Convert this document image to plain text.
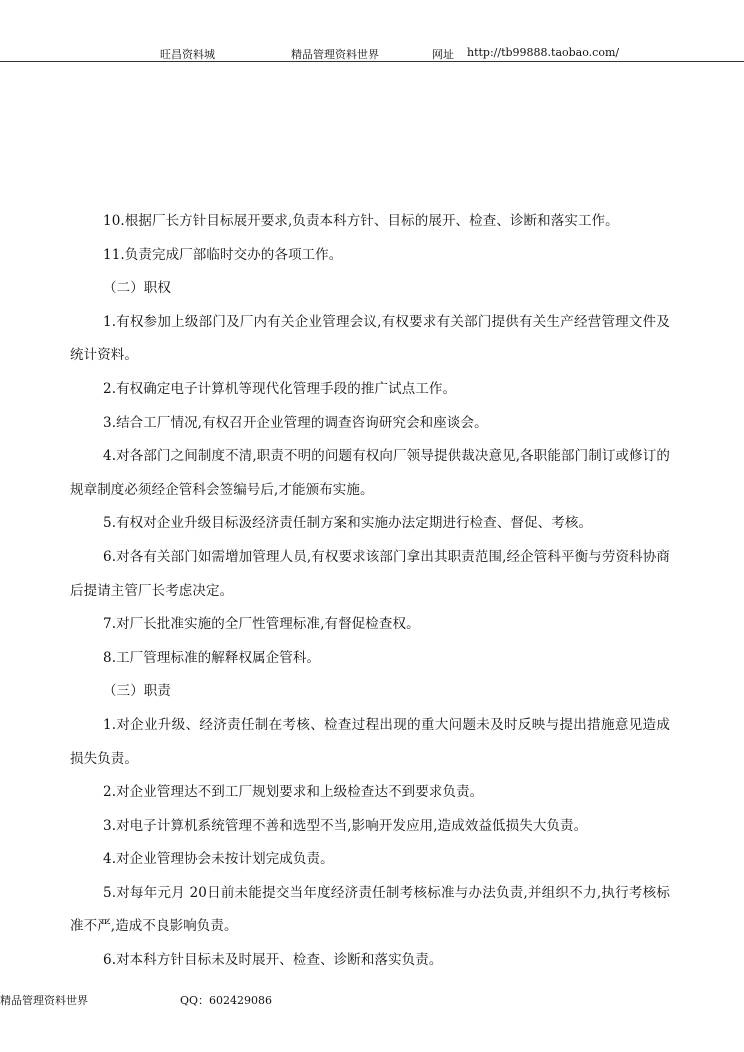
旺昌资料城	精品管理资料世界	网址 http://tb99888.taobao.com/

10.根据厂长方针目标展开要求,负责本科方针、目标的展开、检查、诊断和落实工作。

11.负责完成厂部临时交办的各项工作。

（二）职权

1.有权参加上级部门及厂内有关企业管理会议,有权要求有关部门提供有关生产经营管理文件及统计资料。

2.有权确定电子计算机等现代化管理手段的推广试点工作。

3.结合工厂情况,有权召开企业管理的调查咨询研究会和座谈会。

4.对各部门之间制度不清,职责不明的问题有权向厂领导提供裁决意见,各职能部门制订或修订的规章制度必须经企管科会签编号后,才能颁布实施。

5.有权对企业升级目标汲经济责任制方案和实施办法定期进行检查、督促、考核。

6.对各有关部门如需增加管理人员,有权要求该部门拿出其职责范围,经企管科平衡与劳资科协商后提请主管厂长考虑决定。

7.对厂长批准实施的全厂性管理标准,有督促检查权。

8.工厂管理标准的解释权属企管科。

（三）职责

1.对企业升级、经济责任制在考核、检查过程出现的重大问题未及时反映与提出措施意见造成损失负责。

2.对企业管理达不到工厂规划要求和上级检查达不到要求负责。

3.对电子计算机系统管理不善和选型不当,影响开发应用,造成效益低损失大负责。

4.对企业管理协会未按计划完成负责。

5.对每年元月 20日前未能提交当年度经济责任制考核标准与办法负责,并组织不力,执行考核标准不严,造成不良影响负责。

6.对本科方针目标未及时展开、检查、诊断和落实负责。

精品管理资料世界	QQ：602429086
